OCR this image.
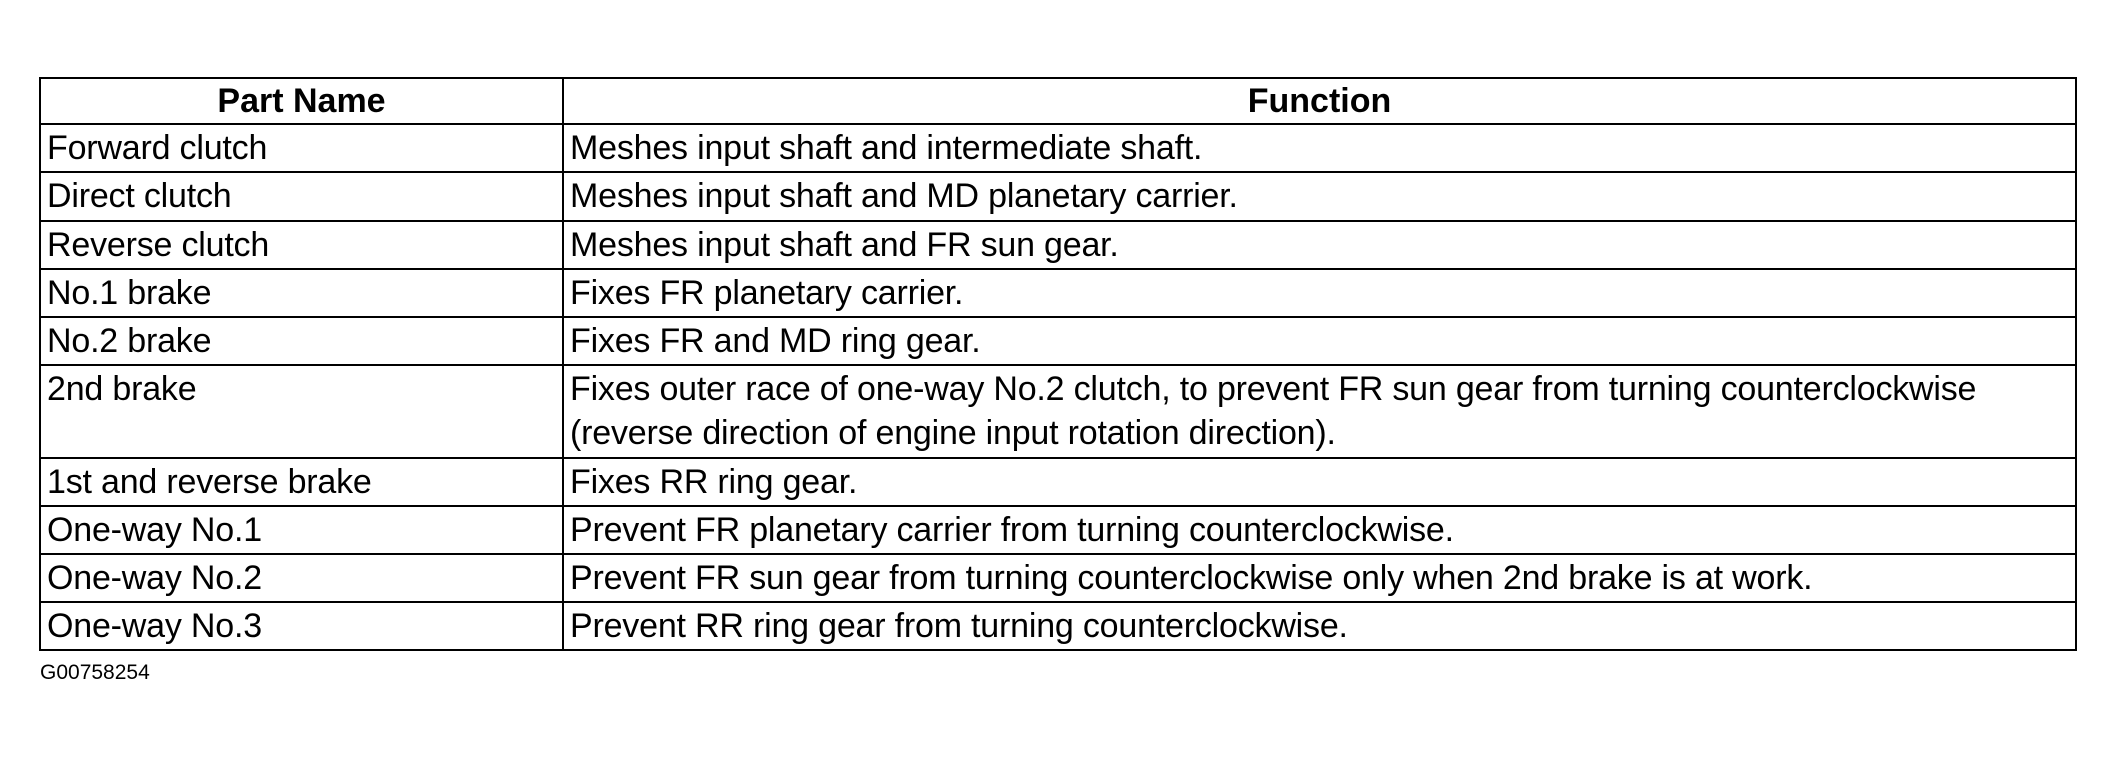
Part Name	Function

Forward clutch	Meshes input shaft and intermediate shaft.

Direct clutch	Meshes input shaft and MD planetary carrier.

Reverse clutch	Meshes input shaft and FR sun gear.

No.1 brake	Fixes FR planetary carrier.

No.2 brake	Fixes FR and MD ring gear.

2nd brake	Fixes outer race of one-way No.2 clutch, to prevent FR sun gear from turning counterclockwise (reverse direction of engine input rotation direction).

1st and reverse brake	Fixes RR ring gear.

One-way No.1	Prevent FR planetary carrier from turning counterclockwise.

One-way No.2	Prevent FR sun gear from turning counterclockwise only when 2nd brake is at work.

One-way No.3	Prevent RR ring gear from turning counterclockwise.
G00758254
